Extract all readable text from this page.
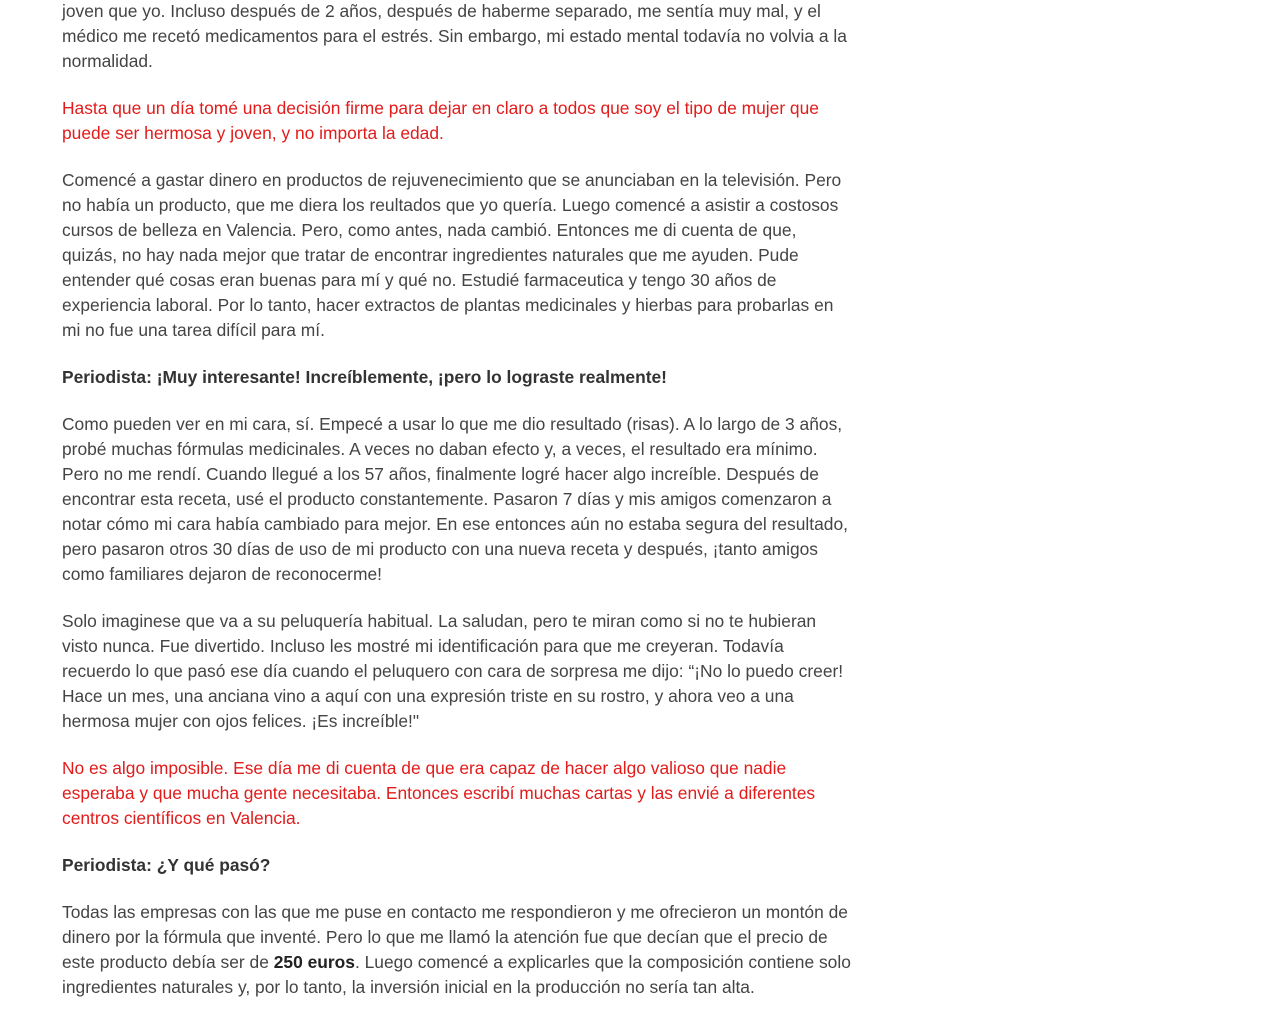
joven que yo. Incluso después de 2 años, después de haberme separado, me sentía muy mal, y el médico me recetó medicamentos para el estrés. Sin embargo, mi estado mental todavía no volvia a la normalidad.

Hasta que un día tomé una decisión firme para dejar en claro a todos que soy el tipo de mujer que puede ser hermosa y joven, y no importa la edad.

Comencé a gastar dinero en productos de rejuvenecimiento que se anunciaban en la televisión. Pero no había un producto, que me diera los reultados que yo quería. Luego comencé a asistir a costosos cursos de belleza en Valencia. Pero, como antes, nada cambió. Entonces me di cuenta de que, quizás, no hay nada mejor que tratar de encontrar ingredientes naturales que me ayuden. Pude entender qué cosas eran buenas para mí y qué no. Estudié farmaceutica y tengo 30 años de experiencia laboral. Por lo tanto, hacer extractos de plantas medicinales y hierbas para probarlas en mi no fue una tarea difícil para mí.

Periodista: ¡Muy interesante! Increíblemente, ¡pero lo lograste realmente!

Como pueden ver en mi cara, sí. Empecé a usar lo que me dio resultado (risas). A lo largo de 3 años, probé muchas fórmulas medicinales. A veces no daban efecto y, a veces, el resultado era mínimo. Pero no me rendí. Cuando llegué a los 57 años, finalmente logré hacer algo increíble. Después de encontrar esta receta, usé el producto constantemente. Pasaron 7 días y mis amigos comenzaron a notar cómo mi cara había cambiado para mejor. En ese entonces aún no estaba segura del resultado, pero pasaron otros 30 días de uso de mi producto con una nueva receta y después, ¡tanto amigos como familiares dejaron de reconocerme!

Solo imaginese que va a su peluquería habitual. La saludan, pero te miran como si no te hubieran visto nunca. Fue divertido. Incluso les mostré mi identificación para que me creyeran. Todavía recuerdo lo que pasó ese día cuando el peluquero con cara de sorpresa me dijo: “¡No lo puedo creer! Hace un mes, una anciana vino a aquí con una expresión triste en su rostro, y ahora veo a una hermosa mujer con ojos felices. ¡Es increíble!"

No es algo imposible. Ese día me di cuenta de que era capaz de hacer algo valioso que nadie esperaba y que mucha gente necesitaba. Entonces escribí muchas cartas y las envié a diferentes centros científicos en Valencia.

Periodista: ¿Y qué pasó?

Todas las empresas con las que me puse en contacto me respondieron y me ofrecieron un montón de dinero por la fórmula que inventé. Pero lo que me llamó la atención fue que decían que el precio de este producto debía ser de 250 euros. Luego comencé a explicarles que la composición contiene solo ingredientes naturales y, por lo tanto, la inversión inicial en la producción no sería tan alta.
